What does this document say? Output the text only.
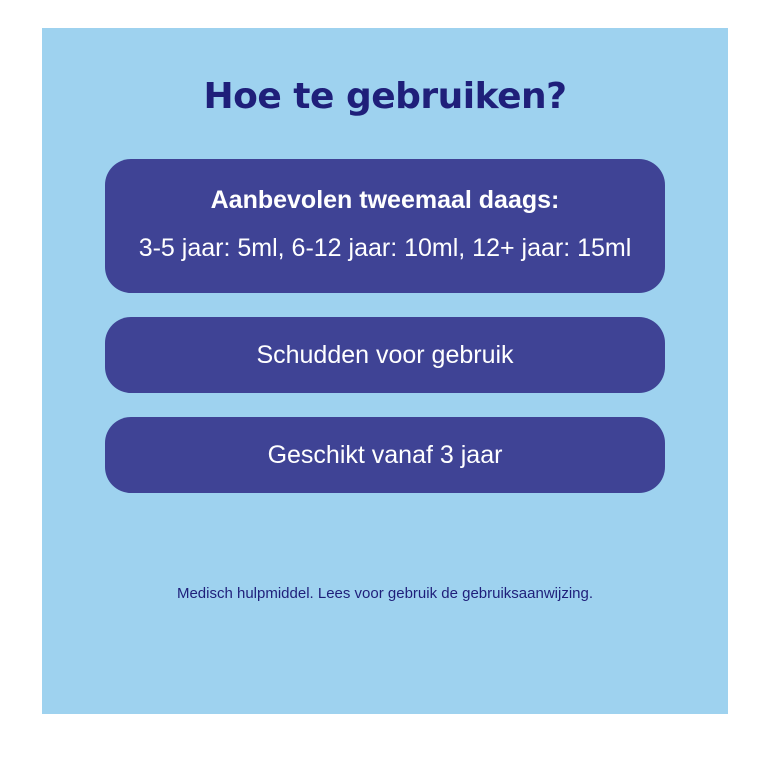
Hoe te gebruiken?
Aanbevolen tweemaal daags:
3-5 jaar: 5ml, 6-12 jaar: 10ml, 12+ jaar: 15ml
Schudden voor gebruik
Geschikt vanaf 3 jaar
Medisch hulpmiddel. Lees voor gebruik de gebruiksaanwijzing.
